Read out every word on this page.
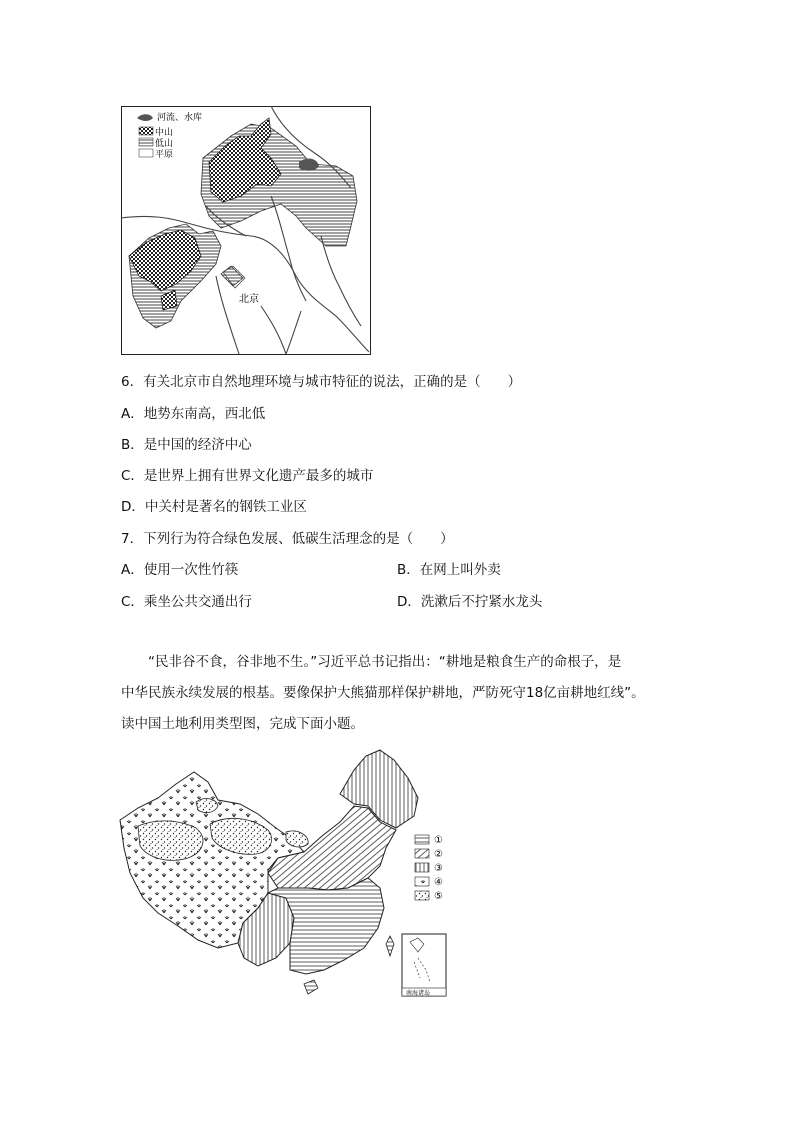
北京
河流、水库
中山
低山
平原
6．有关北京市自然地理环境与城市特征的说法，正确的是（　　）
A．地势东南高，西北低
B．是中国的经济中心
C．是世界上拥有世界文化遗产最多的城市
D．中关村是著名的钢铁工业区
7．下列行为符合绿色发展、低碳生活理念的是（　　）
A．使用一次性竹筷	B．在网上叫外卖
C．乘坐公共交通出行	D．洗漱后不拧紧水龙头
“民非谷不食，谷非地不生。”习近平总书记指出：“耕地是粮食生产的命根子，是
中华民族永续发展的根基。要像保护大熊猫那样保护耕地，严防死守18亿亩耕地红线”。
读中国土地利用类型图，完成下面小题。
①
②
③
④
⑤
南海诸岛
